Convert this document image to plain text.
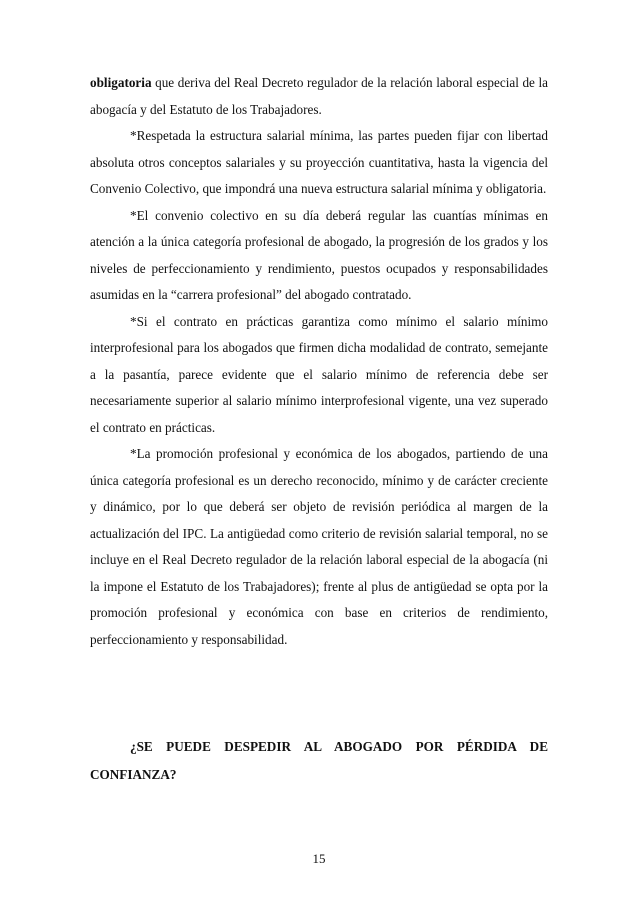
obligatoria que deriva del Real Decreto regulador de la relación laboral especial de la abogacía y del Estatuto de los Trabajadores.

*Respetada la estructura salarial mínima, las partes pueden fijar con libertad absoluta otros conceptos salariales y su proyección cuantitativa, hasta la vigencia del Convenio Colectivo, que impondrá una nueva estructura salarial mínima y obligatoria.

*El convenio colectivo en su día deberá regular las cuantías mínimas en atención a la única categoría profesional de abogado, la progresión de los grados y los niveles de perfeccionamiento y rendimiento, puestos ocupados y responsabilidades asumidas en la “carrera profesional” del abogado contratado.

*Si el contrato en prácticas garantiza como mínimo el salario mínimo interprofesional para los abogados que firmen dicha modalidad de contrato, semejante a la pasantía, parece evidente que el salario mínimo de referencia debe ser necesariamente superior al salario mínimo interprofesional vigente, una vez superado el contrato en prácticas.

*La promoción profesional y económica de los abogados, partiendo de una única categoría profesional es un derecho reconocido, mínimo y de carácter creciente y dinámico, por lo que deberá ser objeto de revisión periódica al margen de la actualización del IPC. La antigüedad como criterio de revisión salarial temporal, no se incluye en el Real Decreto regulador de la relación laboral especial de la abogacía (ni la impone el Estatuto de los Trabajadores); frente al plus de antigüedad se opta por la promoción profesional y económica con base en criterios de rendimiento, perfeccionamiento y responsabilidad.

¿SE PUEDE DESPEDIR AL ABOGADO POR PÉRDIDA DE
CONFIANZA?
15
